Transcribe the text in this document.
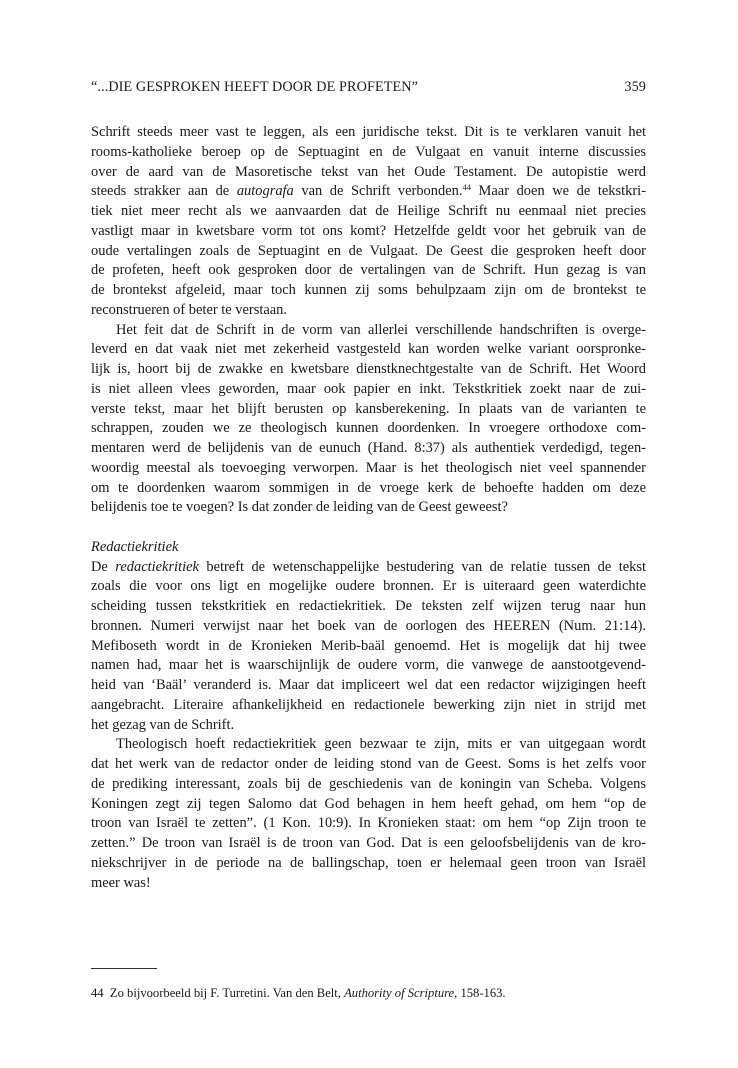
“...DIE GESPROKEN HEEFT DOOR DE PROFETEN”	359
Schrift steeds meer vast te leggen, als een juridische tekst. Dit is te verklaren vanuit het
rooms-katholieke beroep op de Septuagint en de Vulgaat en vanuit interne discussies
over de aard van de Masoretische tekst van het Oude Testament. De autopistie werd
steeds strakker aan de autografa van de Schrift verbonden.$^{44}$ Maar doen we de tekstkri-
tiek niet meer recht als we aanvaarden dat de Heilige Schrift nu eenmaal niet precies
vastligt maar in kwetsbare vorm tot ons komt? Hetzelfde geldt voor het gebruik van de
oude vertalingen zoals de Septuagint en de Vulgaat. De Geest die gesproken heeft door
de profeten, heeft ook gesproken door de vertalingen van de Schrift. Hun gezag is van
de brontekst afgeleid, maar toch kunnen zij soms behulpzaam zijn om de brontekst te
reconstrueren of beter te verstaan.
Het feit dat de Schrift in de vorm van allerlei verschillende handschriften is overge-
leverd en dat vaak niet met zekerheid vastgesteld kan worden welke variant oorspronke-
lijk is, hoort bij de zwakke en kwetsbare dienstknechtgestalte van de Schrift. Het Woord
is niet alleen vlees geworden, maar ook papier en inkt. Tekstkritiek zoekt naar de zui-
verste tekst, maar het blijft berusten op kansberekening. In plaats van de varianten te
schrappen, zouden we ze theologisch kunnen doordenken. In vroegere orthodoxe com-
mentaren werd de belijdenis van de eunuch (Hand. 8:37) als authentiek verdedigd, tegen-
woordig meestal als toevoeging verworpen. Maar is het theologisch niet veel spannender
om te doordenken waarom sommigen in de vroege kerk de behoefte hadden om deze
belijdenis toe te voegen? Is dat zonder de leiding van de Geest geweest?
Redactiekritiek
De redactiekritiek betreft de wetenschappelijke bestudering van de relatie tussen de tekst
zoals die voor ons ligt en mogelijke oudere bronnen. Er is uiteraard geen waterdichte
scheiding tussen tekstkritiek en redactiekritiek. De teksten zelf wijzen terug naar hun
bronnen. Numeri verwijst naar het boek van de oorlogen des HEEREN (Num. 21:14).
Mefiboseth wordt in de Kronieken Merib-baäl genoemd. Het is mogelijk dat hij twee
namen had, maar het is waarschijnlijk de oudere vorm, die vanwege de aanstootgevend-
heid van ‘Baäl’ veranderd is. Maar dat impliceert wel dat een redactor wijzigingen heeft
aangebracht. Literaire afhankelijkheid en redactionele bewerking zijn niet in strijd met
het gezag van de Schrift.
Theologisch hoeft redactiekritiek geen bezwaar te zijn, mits er van uitgegaan wordt
dat het werk van de redactor onder de leiding stond van de Geest. Soms is het zelfs voor
de prediking interessant, zoals bij de geschiedenis van de koningin van Scheba. Volgens
Koningen zegt zij tegen Salomo dat God behagen in hem heeft gehad, om hem “op de
troon van Israël te zetten”. (1 Kon. 10:9). In Kronieken staat: om hem “op Zijn troon te
zetten.” De troon van Israël is de troon van God. Dat is een geloofsbelijdenis van de kro-
niekschrijver in de periode na de ballingschap, toen er helemaal geen troon van Israël
meer was!
44  Zo bijvoorbeeld bij F. Turretini. Van den Belt, Authority of Scripture, 158-163.
